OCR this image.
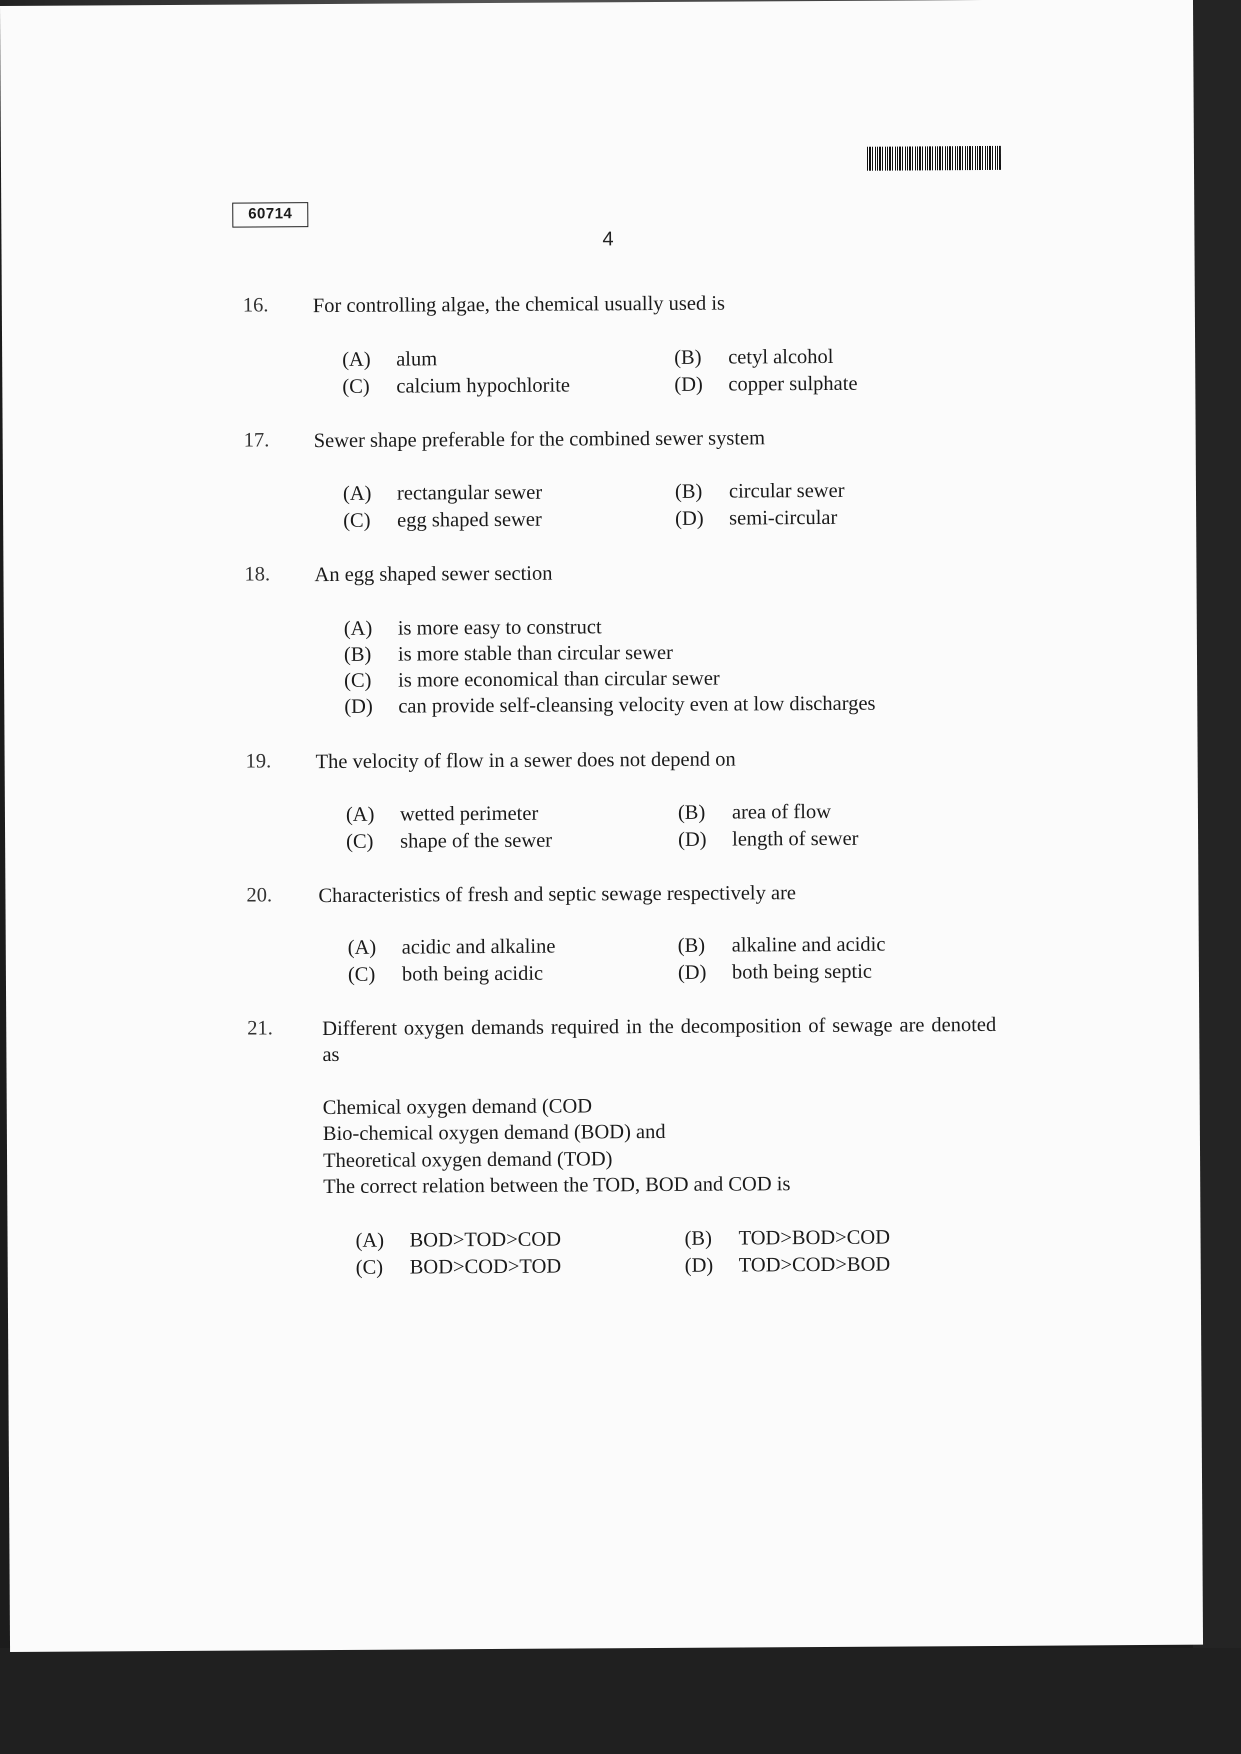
60714
4
16. For controlling algae, the chemical usually used is
(A) alum	(B) cetyl alcohol
(C) calcium hypochlorite	(D) copper sulphate
17. Sewer shape preferable for the combined sewer system
(A) rectangular sewer	(B) circular sewer
(C) egg shaped sewer	(D) semi-circular
18. An egg shaped sewer section
(A) is more easy to construct
(B) is more stable than circular sewer
(C) is more economical than circular sewer
(D) can provide self-cleansing velocity even at low discharges
19. The velocity of flow in a sewer does not depend on
(A) wetted perimeter	(B) area of flow
(C) shape of the sewer	(D) length of sewer
20. Characteristics of fresh and septic sewage respectively are
(A) acidic and alkaline	(B) alkaline and acidic
(C) both being acidic	(D) both being septic
21. Different oxygen demands required in the decomposition of sewage are denoted as
Chemical oxygen demand (COD
Bio-chemical oxygen demand (BOD) and
Theoretical oxygen demand (TOD)
The correct relation between the TOD, BOD and COD is
(A) BOD>TOD>COD	(B) TOD>BOD>COD
(C) BOD>COD>TOD	(D) TOD>COD>BOD
